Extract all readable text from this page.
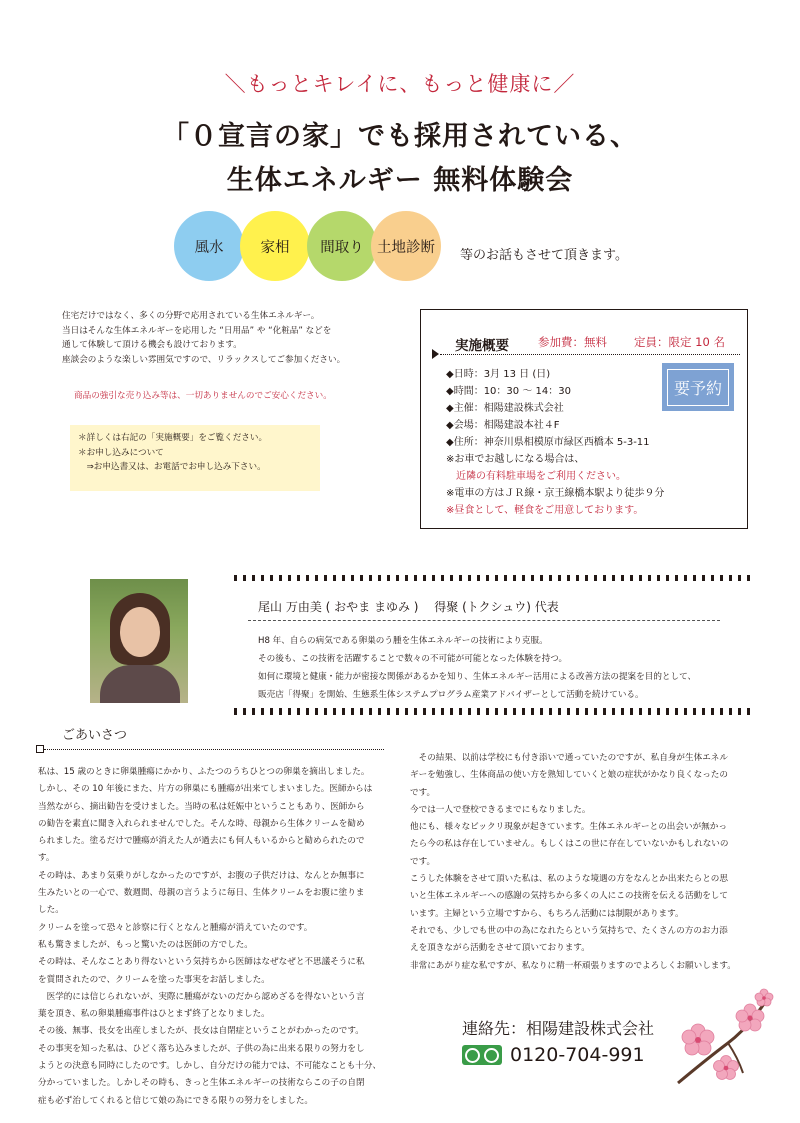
＼もっとキレイに、もっと健康に／
「０宣言の家」でも採用されている、
生体エネルギー 無料体験会
風水	家相 間取り 土地診断 等のお話もさせて頂きます。
住宅だけではなく、多くの分野で応用されている生体エネルギー。
当日はそんな生体エネルギーを応用した “日用品” や “化粧品” などを
通して体験して頂ける機会も設けております。
座談会のような楽しい雰囲気ですので、リラックスしてご参加ください。
商品の強引な売り込み等は、一切ありませんのでご安心ください。
＊詳しくは右記の「実施概要」をご覧ください。
＊お申し込みについて
　⇒お申込書又は、お電話でお申し込み下さい。
実施概要	参加費：無料 定員：限定 10 名
要予約
◆日時：3月 13 日 (日)
◆時間：10：30 ～ 14：30
◆主催：相陽建設株式会社
◆会場：相陽建設本社４F
◆住所：神奈川県相模原市緑区西橋本 5-3-11
※お車でお越しになる場合は、
　近隣の有料駐車場をご利用ください。
※電車の方はＪＲ線・京王線橋本駅より徒歩９分
※昼食として、軽食をご用意しております。
尾山 万由美 ( おやま まゆみ )　 得聚 (トクシュウ) 代表
H8 年、自らの病気である卵巣のう腫を生体エネルギーの技術により克服。
その後も、この技術を活躍することで数々の不可能が可能となった体験を持つ。
如何に環境と健康・能力が密接な関係があるかを知り、生体エネルギー活用による改善方法の提案を目的として、
販売店「得聚」を開始、生態系生体システムプログラム産業アドバイザーとして活動を続けている。
ごあいさつ
私は、15 歳のときに卵巣腫瘍にかかり、ふたつのうちひとつの卵巣を摘出しました。
しかし、その 10 年後にまた、片方の卵巣にも腫瘍が出来てしまいました。医師からは
当然ながら、摘出勧告を受けました。当時の私は妊娠中ということもあり、医師から
の勧告を素直に聞き入れられませんでした。そんな時、母親から生体クリームを勧め
られました。塗るだけで腫瘍が消えた人が過去にも何人もいるからと勧められたので
す。
その時は、あまり気乗りがしなかったのですが、お腹の子供だけは、なんとか無事に
生みたいとの一心で、数週間、母親の言うように毎日、生体クリームをお腹に塗りま
した。
クリームを塗って恐々と診察に行くとなんと腫瘍が消えていたのです。
私も驚きましたが、もっと驚いたのは医師の方でした。
その時は、そんなことあり得ないという気持ちから医師はなぜなぜと不思議そうに私
を質問されたので、クリームを塗った事実をお話しました。
　医学的には信じられないが、実際に腫瘍がないのだから認めざるを得ないという言
葉を頂き、私の卵巣腫瘍事件はひとまず終了となりました。
その後、無事、長女を出産しましたが、長女は自閉症ということがわかったのです。
その事実を知った私は、ひどく落ち込みましたが、子供の為に出来る限りの努力をし
ようとの決意も同時にしたのです。しかし、自分だけの能力では、不可能なことも十分、
分かっていました。しかしその時も、きっと生体エネルギーの技術ならこの子の自閉
症も必ず治してくれると信じて娘の為にできる限りの努力をしました。
　その結果、以前は学校にも付き添いで通っていたのですが、私自身が生体エネル
ギーを勉強し、生体商品の使い方を熟知していくと娘の症状がかなり良くなったの
です。
今では一人で登校できるまでにもなりました。
他にも、様々なビックリ現象が起きています。生体エネルギーとの出会いが無かっ
たら今の私は存在していません。もしくはこの世に存在していないかもしれないの
です。
こうした体験をさせて頂いた私は、私のような境遇の方をなんとか出来たらとの思
いと生体エネルギーへの感謝の気持ちから多くの人にこの技術を伝える活動をして
います。主婦という立場ですから、もちろん活動には制限があります。
それでも、少しでも世の中の為になれたらという気持ちで、たくさんの方のお力添
えを頂きながら活動をさせて頂いております。
非常にあがり症な私ですが、私なりに精一杯頑張りますのでよろしくお願いします。
連絡先：相陽建設株式会社
0120-704-991
